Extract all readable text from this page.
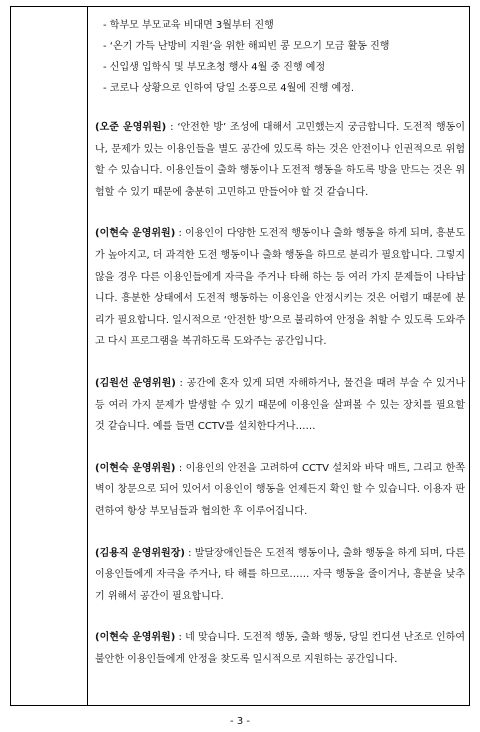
- 학부모 부모교육 비대면 3월부터 진행
- ‘온기 가득 난방비 지원’을 위한 해피빈 콩 모으기 모금 활동 진행
- 신입생 입학식 및 부모초청 행사 4월 중 진행 예정
- 코로나 상황으로 인하여 당일 소풍으로 4월에 진행 예정.
(오준 운영위원) : ‘안전한 방’ 조성에 대해서 고민했는지 궁금합니다. 도전적 행동이나, 문제가 있는 이용인들을 별도 공간에 있도록 하는 것은 안전이나 인권적으로 위험 할 수 있습니다. 이용인들이 출화 행동이나 도전적 행동을 하도록 방을 만드는 것은 위험할 수 있기 때문에 충분히 고민하고 만들어야 할 것 같습니다.
(이현숙 운영위원) : 이용인이 다양한 도전적 행동이나 출화 행동을 하게 되며, 흥분도가 높아지고, 더 과격한 도전 행동이나 출화 행동을 하므로 분리가 필요합니다. 그렇지 않을 경우 다른 이용인들에게 자극을 주거나 타해 하는 등 여러 가지 문제들이 나타납니다. 흥분한 상태에서 도전적 행동하는 이용인을 안정시키는 것은 어렵기 때문에 분리가 필요합니다. 일시적으로 ‘안전한 방’으로 불리하여 안정을 취할 수 있도록 도와주고 다시 프로그램을 복귀하도록 도와주는 공간입니다.
(김원선 운영위원) : 공간에 혼자 있게 되면 자해하거나, 물건을 때려 부술 수 있거나 등 여러 가지 문제가 발생할 수 있기 때문에 이용인을 살펴볼 수 있는 장치를 필요할 것 같습니다. 예를 들면 CCTV를 설치한다거나……
(이현숙 운영위원) : 이용인의 안전을 고려하여 CCTV 설치와 바닥 매트, 그리고 한쪽 벽이 창문으로 되어 있어서 이용인이 행동을 언제든지 확인 할 수 있습니다. 이용자 판련하여 항상 부모님들과 협의한 후 이루어집니다.
(김용직 운영위원장) : 발달장애인들은 도전적 행동이나, 출화 행동을 하게 되며, 다른 이용인들에게 자극을 주거나, 타 해를 하므로…… 자극 행동을 줄이거나, 흥분을 낮추기 위해서 공간이 필요합니다.
(이현숙 운영위원) : 네 맞습니다. 도전적 행동, 출화 행동, 당일 컨디션 난조로 인하여 불안한 이용인들에게 안정을 찾도록 일시적으로 지원하는 공간입니다.
- 3 -
